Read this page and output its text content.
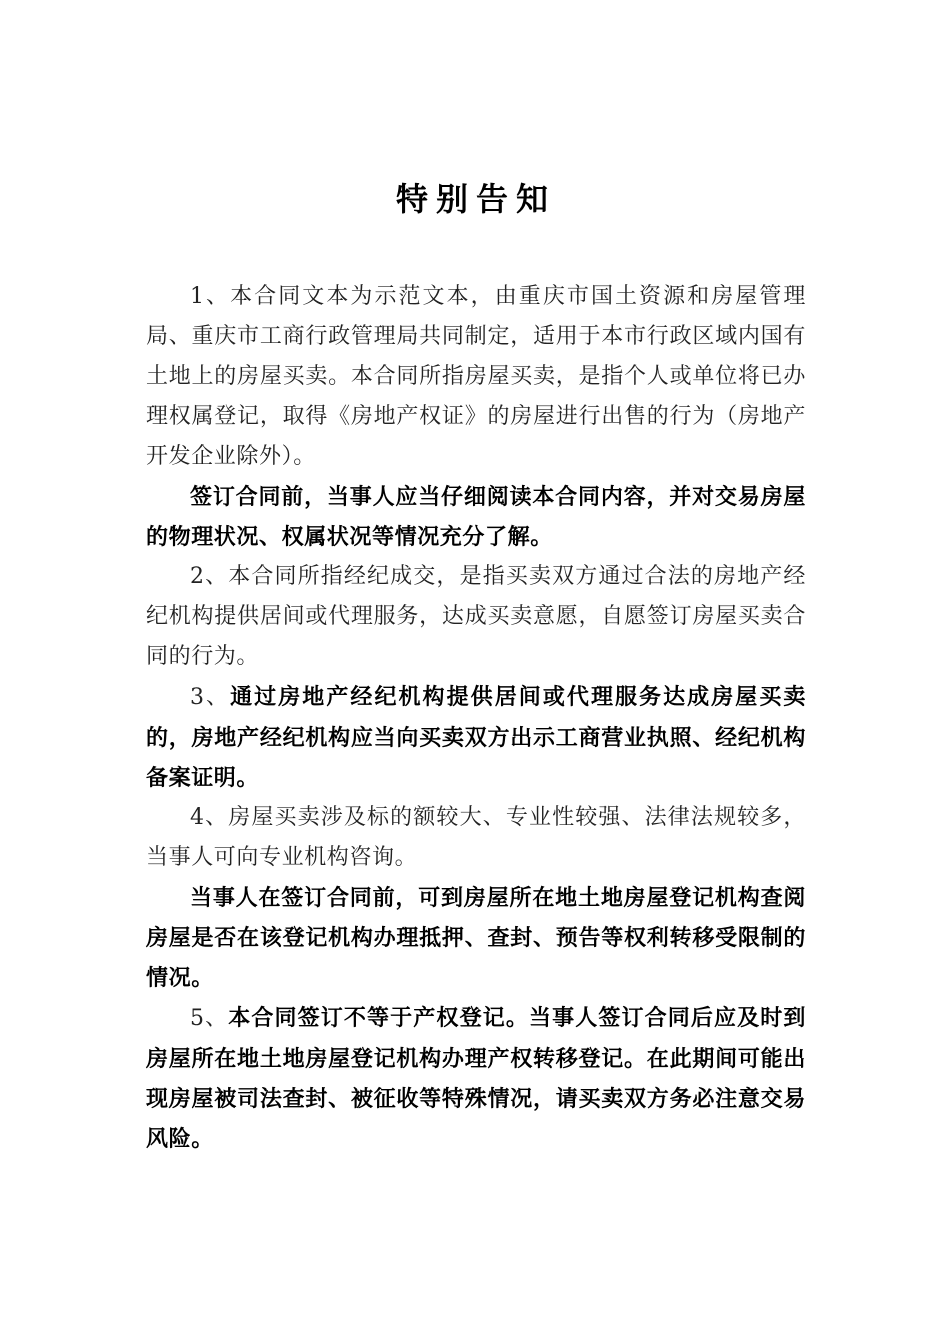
特别告知

1、本合同文本为示范文本，由重庆市国土资源和房屋管理局、重庆市工商行政管理局共同制定，适用于本市行政区域内国有土地上的房屋买卖。本合同所指房屋买卖，是指个人或单位将已办理权属登记，取得《房地产权证》的房屋进行出售的行为（房地产开发企业除外）。

签订合同前，当事人应当仔细阅读本合同内容，并对交易房屋的物理状况、权属状况等情况充分了解。

2、本合同所指经纪成交，是指买卖双方通过合法的房地产经纪机构提供居间或代理服务，达成买卖意愿，自愿签订房屋买卖合同的行为。

3、通过房地产经纪机构提供居间或代理服务达成房屋买卖的，房地产经纪机构应当向买卖双方出示工商营业执照、经纪机构备案证明。

4、房屋买卖涉及标的额较大、专业性较强、法律法规较多，当事人可向专业机构咨询。

当事人在签订合同前，可到房屋所在地土地房屋登记机构查阅房屋是否在该登记机构办理抵押、查封、预告等权利转移受限制的情况。

5、本合同签订不等于产权登记。当事人签订合同后应及时到房屋所在地土地房屋登记机构办理产权转移登记。在此期间可能出现房屋被司法查封、被征收等特殊情况，请买卖双方务必注意交易风险。
